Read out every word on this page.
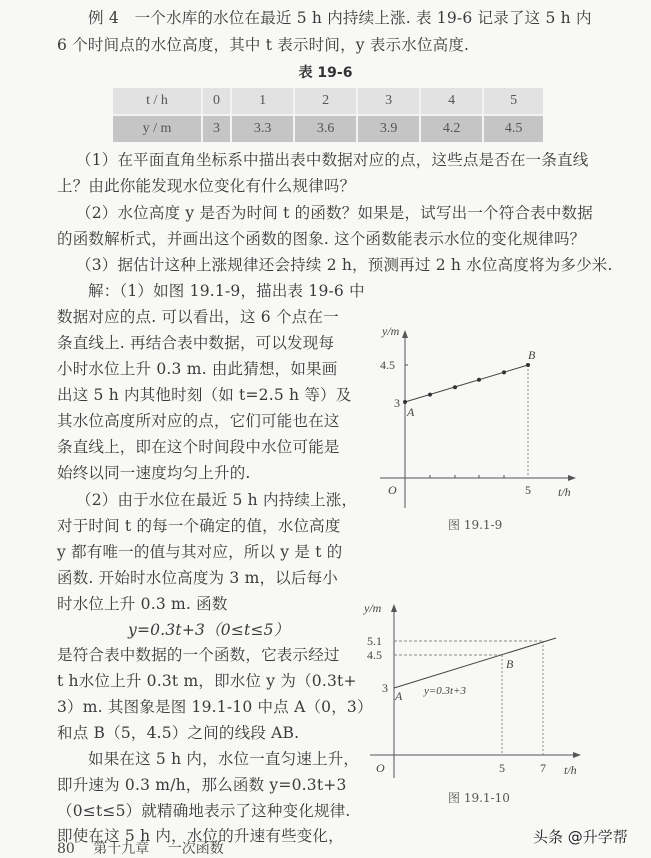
例 4　一个水库的水位在最近 5 h 内持续上涨. 表 19-6 记录了这 5 h 内
6 个时间点的水位高度，其中 t 表示时间，y 表示水位高度.
表 19-6
t / h	0	1	2	3	4	5
y / m	3	3.3	3.6	3.9	4.2	4.5
（1）在平面直角坐标系中描出表中数据对应的点，这些点是否在一条直线
上？由此你能发现水位变化有什么规律吗？
（2）水位高度 y 是否为时间 t 的函数？如果是，试写出一个符合表中数据
的函数解析式，并画出这个函数的图象. 这个函数能表示水位的变化规律吗？
（3）据估计这种上涨规律还会持续 2 h，预测再过 2 h 水位高度将为多少米.
解：（1）如图 19.1-9，描出表 19-6 中
数据对应的点. 可以看出，这 6 个点在一
条直线上. 再结合表中数据，可以发现每
小时水位上升 0.3 m. 由此猜想，如果画
出这 5 h 内其他时刻（如 t=2.5 h 等）及
其水位高度所对应的点，它们可能也在这
条直线上，即在这个时间段中水位可能是
始终以同一速度均匀上升的.
（2）由于水位在最近 5 h 内持续上涨，
对于时间 t 的每一个确定的值，水位高度
y 都有唯一的值与其对应，所以 y 是 t 的
函数. 开始时水位高度为 3 m，以后每小
时水位上升 0.3 m. 函数
y=0.3t+3（0≤t≤5）
是符合表中数据的一个函数，它表示经过
t h水位上升 0.3t m，即水位 y 为（0.3t+
3）m. 其图象是图 19.1-10 中点 A（0，3）
和点 B（5，4.5）之间的线段 AB.
如果在这 5 h 内，水位一直匀速上升，
即升速为 0.3 m/h，那么函数 y=0.3t+3
（0≤t≤5）就精确地表示了这种变化规律.
即使在这 5 h 内，水位的升速有些变化，
y/m
t/h
O
4.5
3
5
A
B
图 19.1-9
y/m
t/h
O
5.1
4.5
3
5	7
A
B
y=0.3t+3
图 19.1-10
80 第十九章 一次函数
头条 @升学帮
